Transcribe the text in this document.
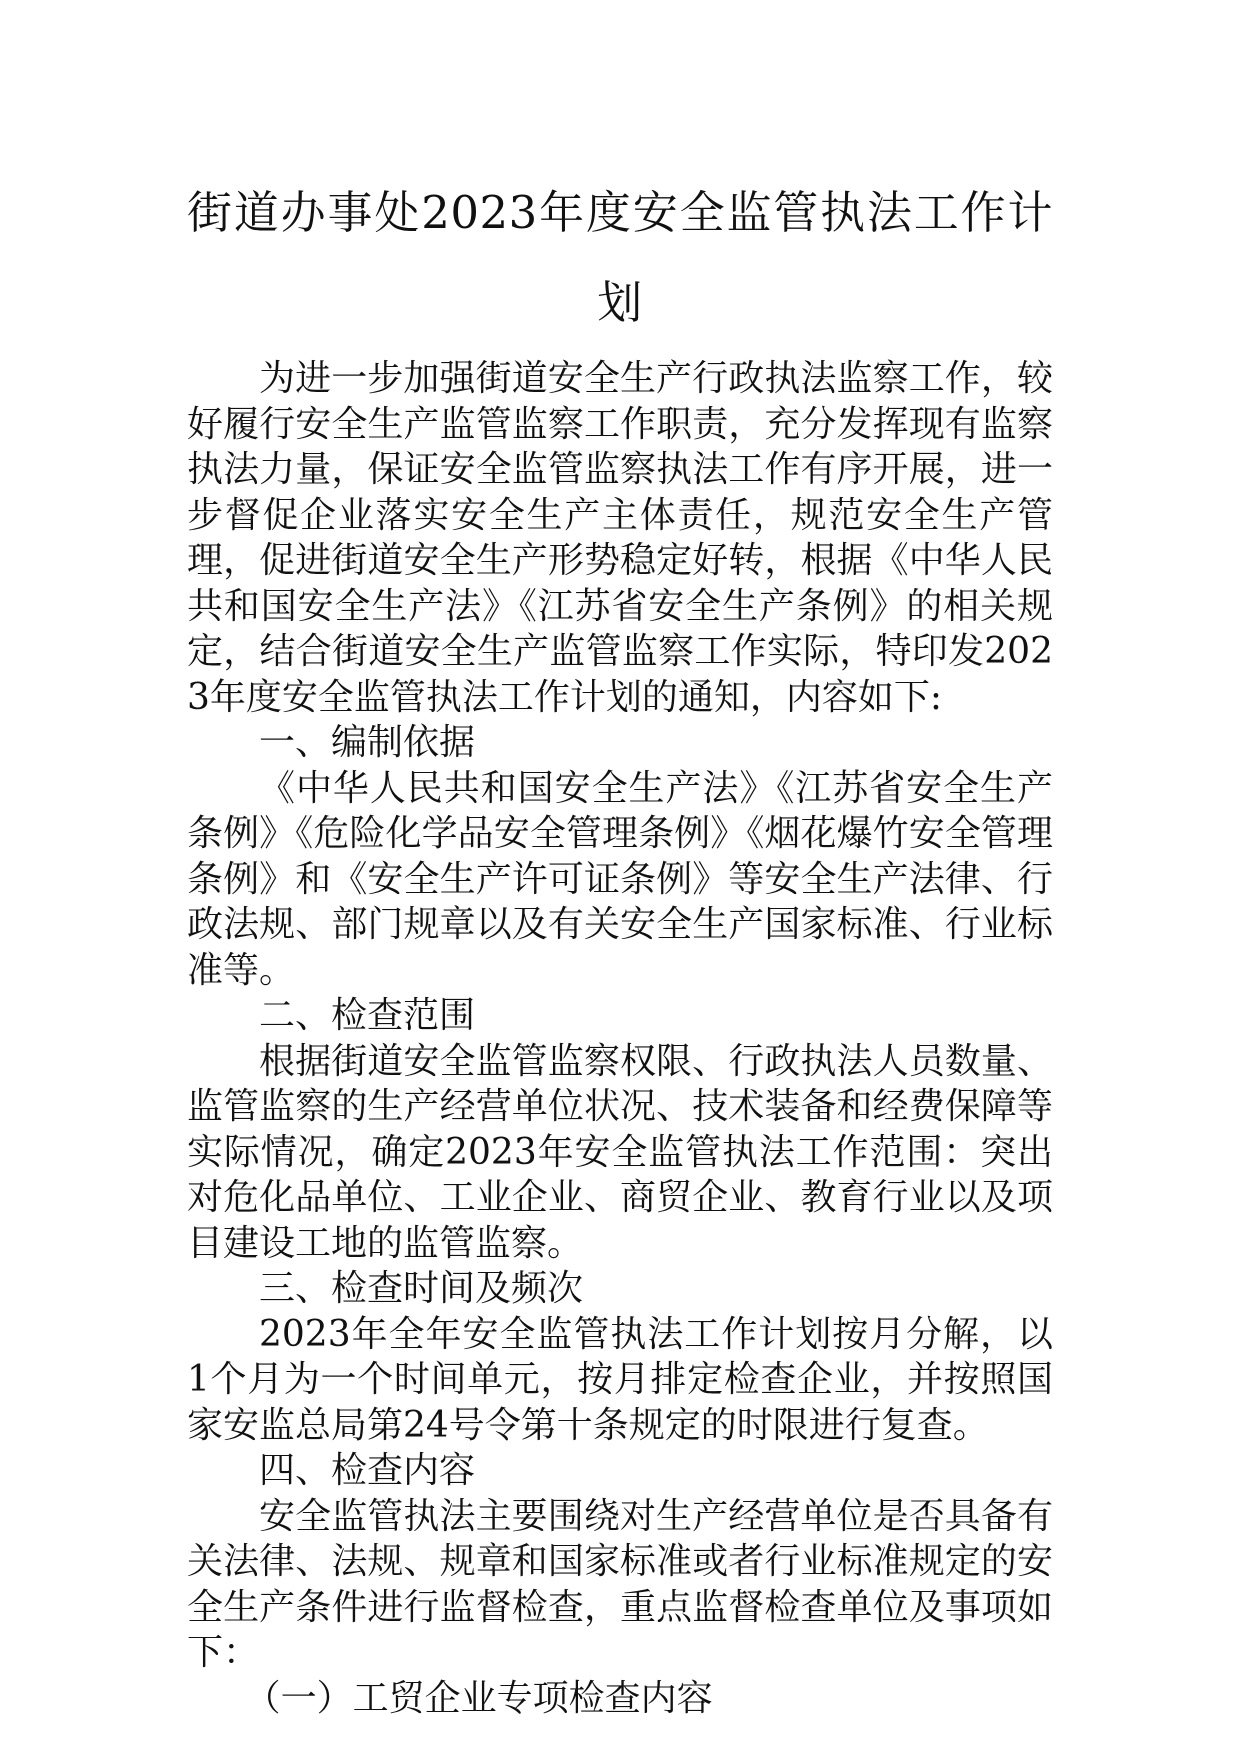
街道办事处2023年度安全监管执法工作计划

为进一步加强街道安全生产行政执法监察工作，较好履行安全生产监管监察工作职责，充分发挥现有监察执法力量，保证安全监管监察执法工作有序开展，进一步督促企业落实安全生产主体责任，规范安全生产管理，促进街道安全生产形势稳定好转，根据《中华人民共和国安全生产法》《江苏省安全生产条例》的相关规定，结合街道安全生产监管监察工作实际，特印发2023年度安全监管执法工作计划的通知，内容如下:

一、编制依据

《中华人民共和国安全生产法》《江苏省安全生产条例》《危险化学品安全管理条例》《烟花爆竹安全管理条例》和《安全生产许可证条例》等安全生产法律、行政法规、部门规章以及有关安全生产国家标准、行业标准等。

二、检查范围

根据街道安全监管监察权限、行政执法人员数量、监管监察的生产经营单位状况、技术装备和经费保障等实际情况，确定2023年安全监管执法工作范围：突出对危化品单位、工业企业、商贸企业、教育行业以及项目建设工地的监管监察。

三、检查时间及频次

2023年全年安全监管执法工作计划按月分解，以1个月为一个时间单元，按月排定检查企业，并按照国家安监总局第24号令第十条规定的时限进行复查。

四、检查内容

安全监管执法主要围绕对生产经营单位是否具备有关法律、法规、规章和国家标准或者行业标准规定的安全生产条件进行监督检查，重点监督检查单位及事项如下：

（一）工贸企业专项检查内容
